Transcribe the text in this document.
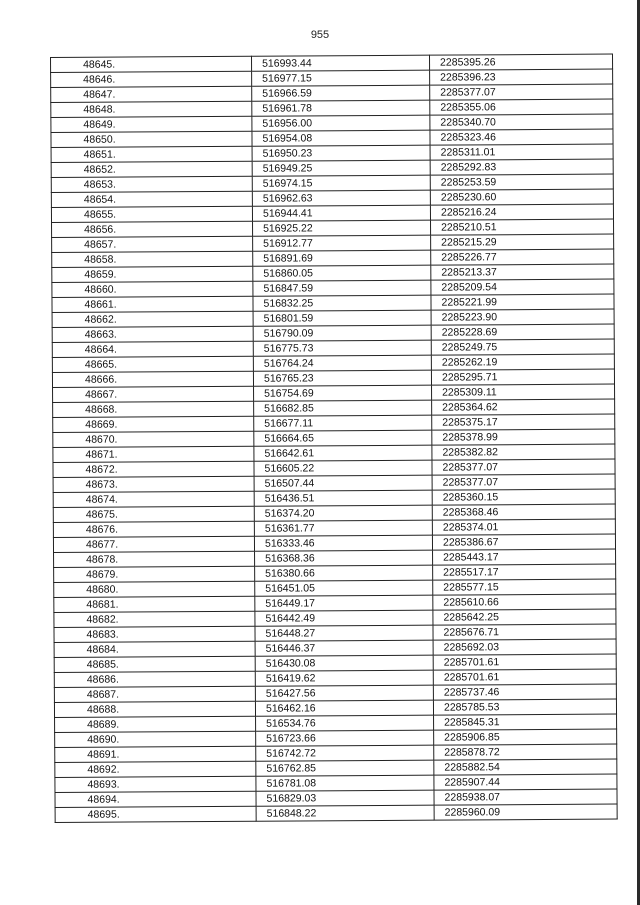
955
48645.	516993.44	2285395.26
48646.	516977.15	2285396.23
48647.	516966.59	2285377.07
48648.	516961.78	2285355.06
48649.	516956.00	2285340.70
48650.	516954.08	2285323.46
48651.	516950.23	2285311.01
48652.	516949.25	2285292.83
48653.	516974.15	2285253.59
48654.	516962.63	2285230.60
48655.	516944.41	2285216.24
48656.	516925.22	2285210.51
48657.	516912.77	2285215.29
48658.	516891.69	2285226.77
48659.	516860.05	2285213.37
48660.	516847.59	2285209.54
48661.	516832.25	2285221.99
48662.	516801.59	2285223.90
48663.	516790.09	2285228.69
48664.	516775.73	2285249.75
48665.	516764.24	2285262.19
48666.	516765.23	2285295.71
48667.	516754.69	2285309.11
48668.	516682.85	2285364.62
48669.	516677.11	2285375.17
48670.	516664.65	2285378.99
48671.	516642.61	2285382.82
48672.	516605.22	2285377.07
48673.	516507.44	2285377.07
48674.	516436.51	2285360.15
48675.	516374.20	2285368.46
48676.	516361.77	2285374.01
48677.	516333.46	2285386.67
48678.	516368.36	2285443.17
48679.	516380.66	2285517.17
48680.	516451.05	2285577.15
48681.	516449.17	2285610.66
48682.	516442.49	2285642.25
48683.	516448.27	2285676.71
48684.	516446.37	2285692.03
48685.	516430.08	2285701.61
48686.	516419.62	2285701.61
48687.	516427.56	2285737.46
48688.	516462.16	2285785.53
48689.	516534.76	2285845.31
48690.	516723.66	2285906.85
48691.	516742.72	2285878.72
48692.	516762.85	2285882.54
48693.	516781.08	2285907.44
48694.	516829.03	2285938.07
48695.	516848.22	2285960.09
